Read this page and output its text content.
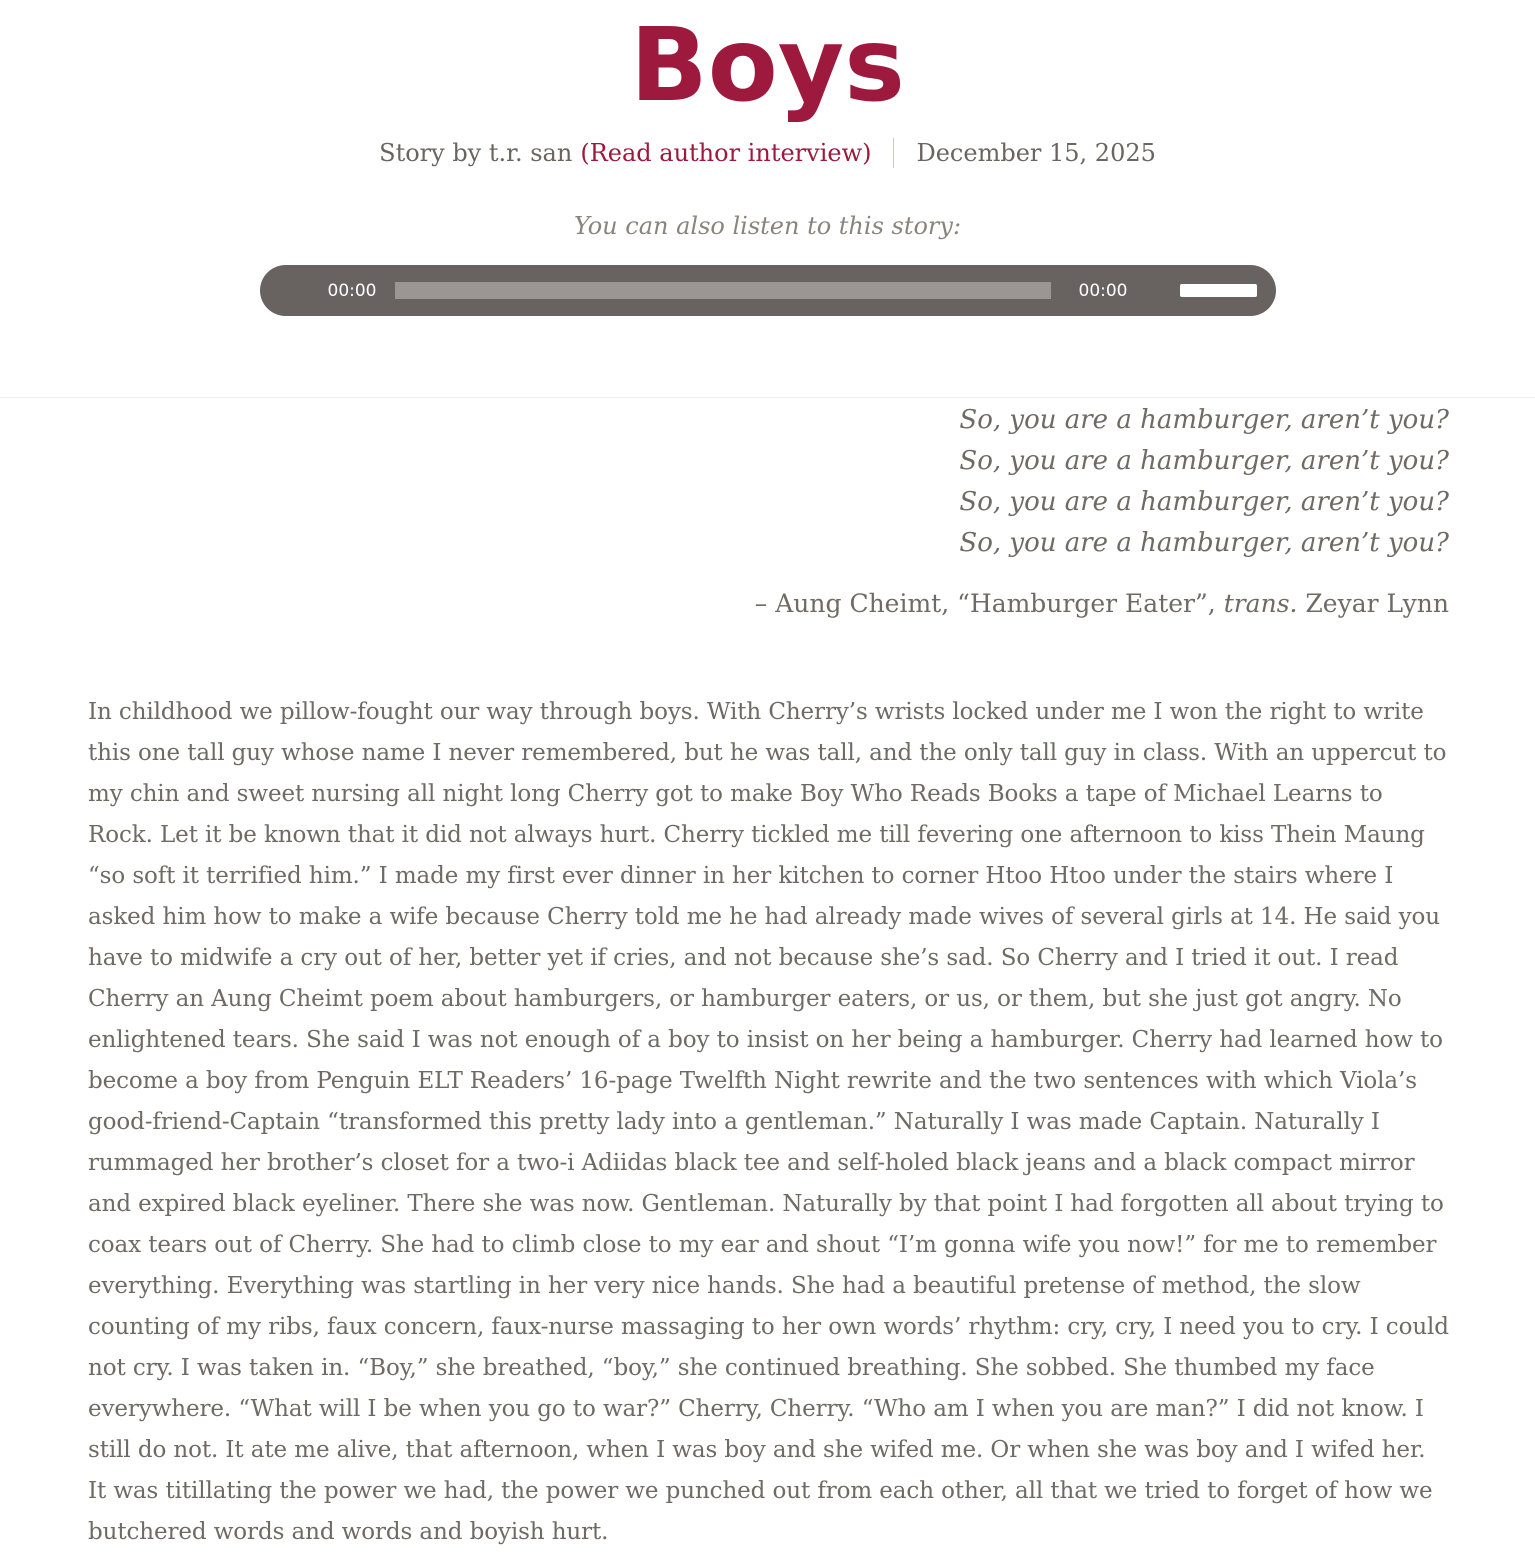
Boys
Story by t.r. san (Read author interview) December 15, 2025

You can also listen to this story:

00:00	00:00

So, you are a hamburger, aren’t you?

So, you are a hamburger, aren’t you?

So, you are a hamburger, aren’t you?

So, you are a hamburger, aren’t you?

– Aung Cheimt, “Hamburger Eater”, trans. Zeyar Lynn

In childhood we pillow-fought our way through boys. With Cherry’s wrists locked under me I won the right to write this one tall guy whose name I never remembered, but he was tall, and the only tall guy in class. With an uppercut to my chin and sweet nursing all night long Cherry got to make Boy Who Reads Books a tape of Michael Learns to Rock. Let it be known that it did not always hurt. Cherry tickled me till fevering one afternoon to kiss Thein Maung “so soft it terrified him.” I made my first ever dinner in her kitchen to corner Htoo Htoo under the stairs where I asked him how to make a wife because Cherry told me he had already made wives of several girls at 14. He said you have to midwife a cry out of her, better yet if cries, and not because she’s sad. So Cherry and I tried it out. I read Cherry an Aung Cheimt poem about hamburgers, or hamburger eaters, or us, or them, but she just got angry. No enlightened tears. She said I was not enough of a boy to insist on her being a hamburger. Cherry had learned how to become a boy from Penguin ELT Readers’ 16-page Twelfth Night rewrite and the two sentences with which Viola’s good-friend-Captain “transformed this pretty lady into a gentleman.” Naturally I was made Captain. Naturally I rummaged her brother’s closet for a two-i Adiidas black tee and self-holed black jeans and a black compact mirror and expired black eyeliner. There she was now. Gentleman. Naturally by that point I had forgotten all about trying to coax tears out of Cherry. She had to climb close to my ear and shout “I’m gonna wife you now!” for me to remember everything. Everything was startling in her very nice hands. She had a beautiful pretense of method, the slow counting of my ribs, faux concern, faux-nurse massaging to her own words’ rhythm: cry, cry, I need you to cry. I could not cry. I was taken in. “Boy,” she breathed, “boy,” she continued breathing. She sobbed. She thumbed my face everywhere. “What will I be when you go to war?” Cherry, Cherry. “Who am I when you are man?” I did not know. I still do not. It ate me alive, that afternoon, when I was boy and she wifed me. Or when she was boy and I wifed her. It was titillating the power we had, the power we punched out from each other, all that we tried to forget of how we butchered words and words and boyish hurt.
